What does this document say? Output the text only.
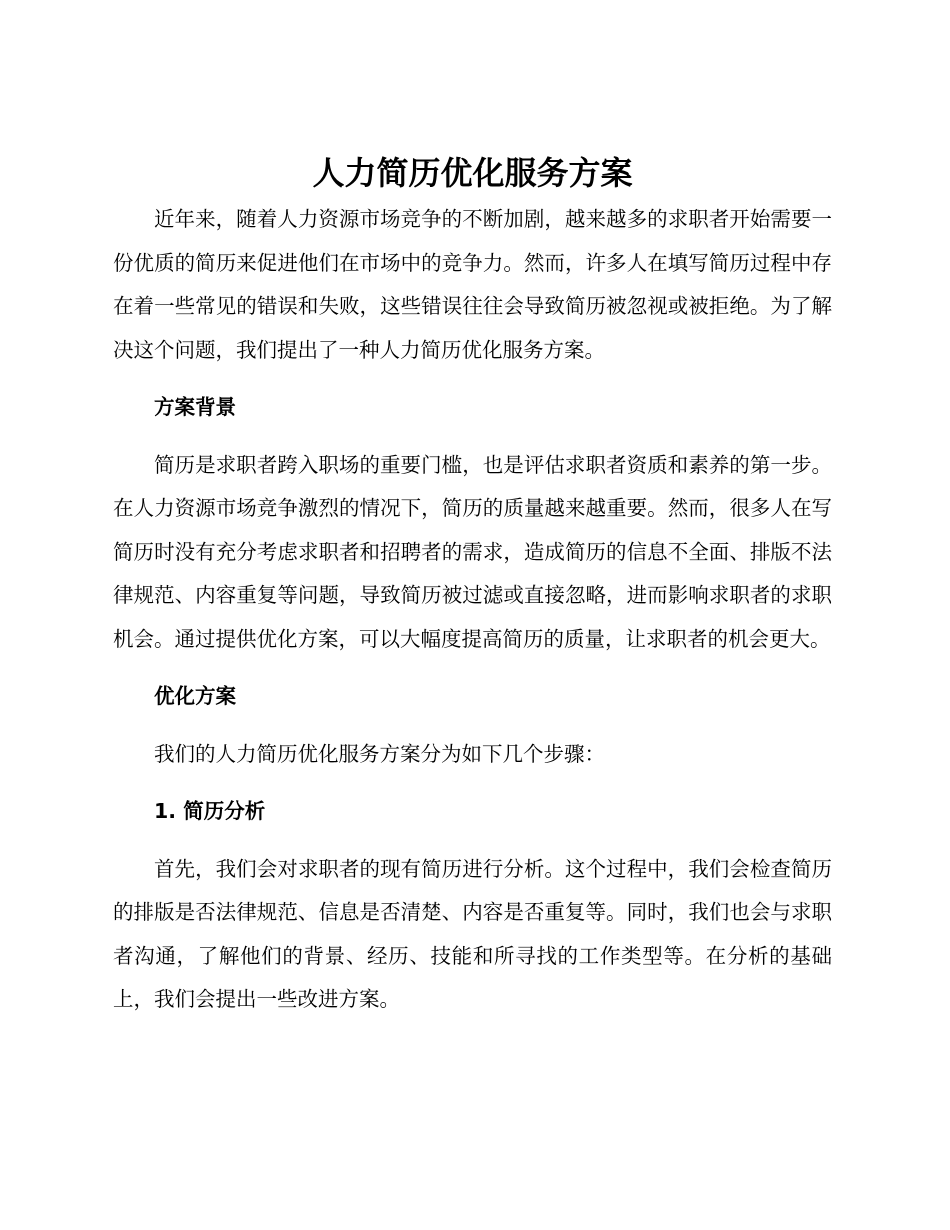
人力简历优化服务方案

近年来，随着人力资源市场竞争的不断加剧，越来越多的求职者开始需要一份优质的简历来促进他们在市场中的竞争力。然而，许多人在填写简历过程中存在着一些常见的错误和失败，这些错误往往会导致简历被忽视或被拒绝。为了解决这个问题，我们提出了一种人力简历优化服务方案。

方案背景

简历是求职者跨入职场的重要门槛，也是评估求职者资质和素养的第一步。在人力资源市场竞争激烈的情况下，简历的质量越来越重要。然而，很多人在写简历时没有充分考虑求职者和招聘者的需求，造成简历的信息不全面、排版不法律规范、内容重复等问题，导致简历被过滤或直接忽略，进而影响求职者的求职机会。通过提供优化方案，可以大幅度提高简历的质量，让求职者的机会更大。

优化方案

我们的人力简历优化服务方案分为如下几个步骤：

1. 简历分析

首先，我们会对求职者的现有简历进行分析。这个过程中，我们会检查简历的排版是否法律规范、信息是否清楚、内容是否重复等。同时，我们也会与求职者沟通，了解他们的背景、经历、技能和所寻找的工作类型等。在分析的基础上，我们会提出一些改进方案。
